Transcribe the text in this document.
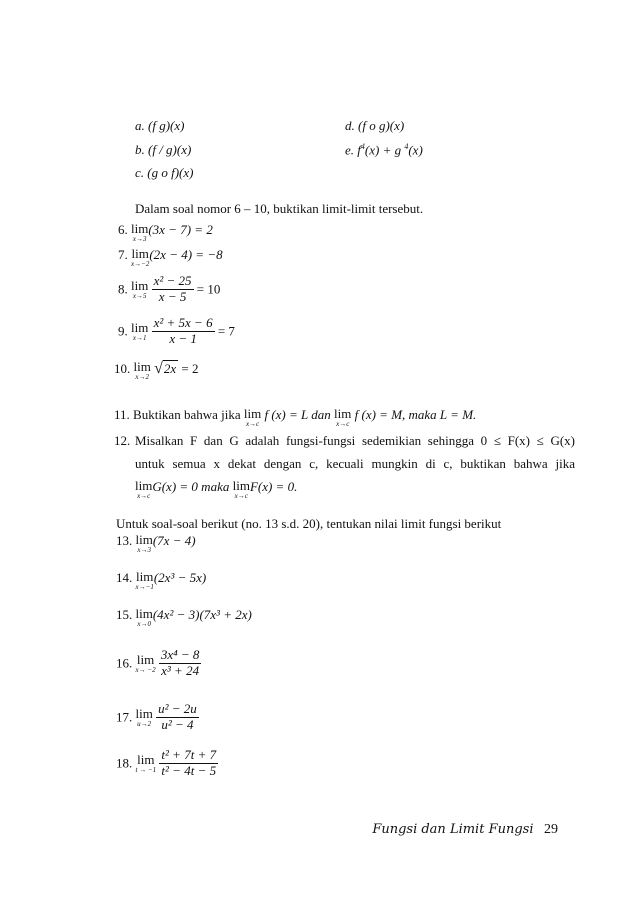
a. (f g)(x)	d. (f ο g)(x)
b. (f / g)(x)	e. $f^4(x) + g$ $^4$(x)
c. (g ο f)(x)
Dalam soal nomor 6 – 10, buktikan limit-limit tersebut.
6. lim
x→3
(3x − 7) = 2
7. lim
x→−2
(2x − 4) = −8
8. lim
x→5
$\frac{\text{x² − 25}}{x - 5} = 10$
9. lim
x→1
$\frac{\text{x² + 5x − 6}}{x - 1} = 7$
10. lim
x→2 √2x = 2
11. Buktikan bahwa jika lim
x→c
f (x) = L dan lim
x→c
f (x) = M, maka L = M.
12. Misalkan F dan G adalah fungsi-fungsi sedemikian sehingga 0 ≤ F(x) ≤ G(x)
untuk semua x dekat dengan c, kecuali mungkin di c, buktikan bahwa jika
lim
x→c
G(x) = 0 maka lim
x→c
F(x) = 0.
Untuk soal-soal berikut (no. 13 s.d. 20), tentukan nilai limit fungsi berikut
13. lim
x→3
(7x − 4)
14. lim
x→−1
(2x³ − 5x)
15. lim
x→0
(4x² − 3)(7x³ + 2x)
16. lim
x→ −2
$\frac{\text{3x⁴ − 8}}{\text{x³ + 24}}$
17. lim
u→2
$\frac{\text{u² − 2u}}{\text{u² − 4}}$
18. lim
t → −1
$\frac{\text{t² + 7t + 7}}{\text{t² − 4t − 5}}$
Fungsi dan Limit Fungsi 29
